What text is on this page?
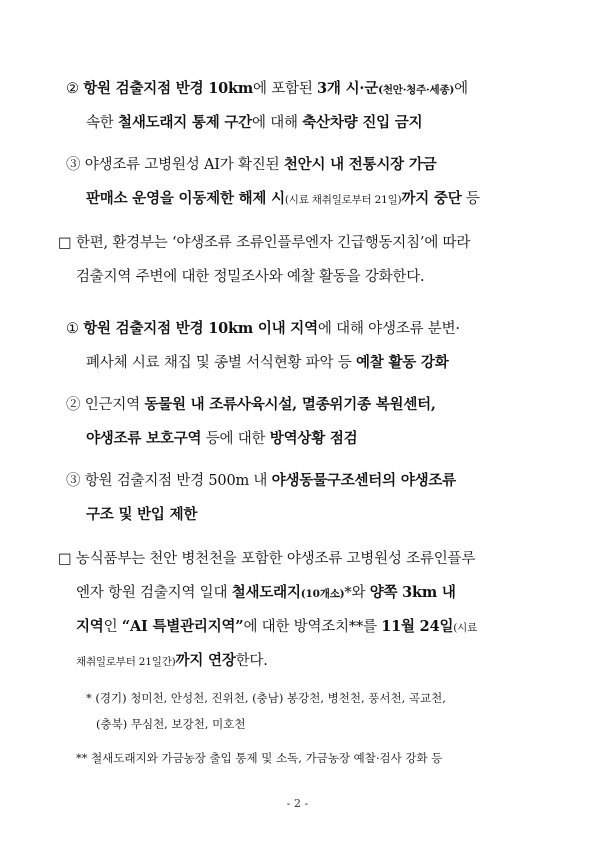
② 항원 검출지점 반경 10km에 포함된 3개 시·군(천안·청주·세종)에
속한 철새도래지 통제 구간에 대해 축산차량 진입 금지
③ 야생조류 고병원성 AI가 확진된 천안시 내 전통시장 가금
판매소 운영을 이동제한 해제 시(시료 채취일로부터 21일)까지 중단 등
□ 한편, 환경부는 ‘야생조류 조류인플루엔자 긴급행동지침’에 따라
검출지역 주변에 대한 정밀조사와 예찰 활동을 강화한다.
① 항원 검출지점 반경 10km 이내 지역에 대해 야생조류 분변·
폐사체 시료 채집 및 종별 서식현황 파악 등 예찰 활동 강화
② 인근지역 동물원 내 조류사육시설, 멸종위기종 복원센터,
야생조류 보호구역 등에 대한 방역상황 점검
③ 항원 검출지점 반경 500m 내 야생동물구조센터의 야생조류
구조 및 반입 제한
□ 농식품부는 천안 병천천을 포함한 야생조류 고병원성 조류인플루
엔자 항원 검출지역 일대 철새도래지(10개소)*와 양쪽 3km 내
지역인 “AI 특별관리지역”에 대한 방역조치**를 11월 24일(시료
채취일로부터 21일간)까지 연장한다.
* (경기) 청미천, 안성천, 진위천, (충남) 봉강천, 병천천, 풍서천, 곡교천,
(충북) 무심천, 보강천, 미호천
** 철새도래지와 가금농장 출입 통제 및 소독, 가금농장 예찰·검사 강화 등
- 2 -
